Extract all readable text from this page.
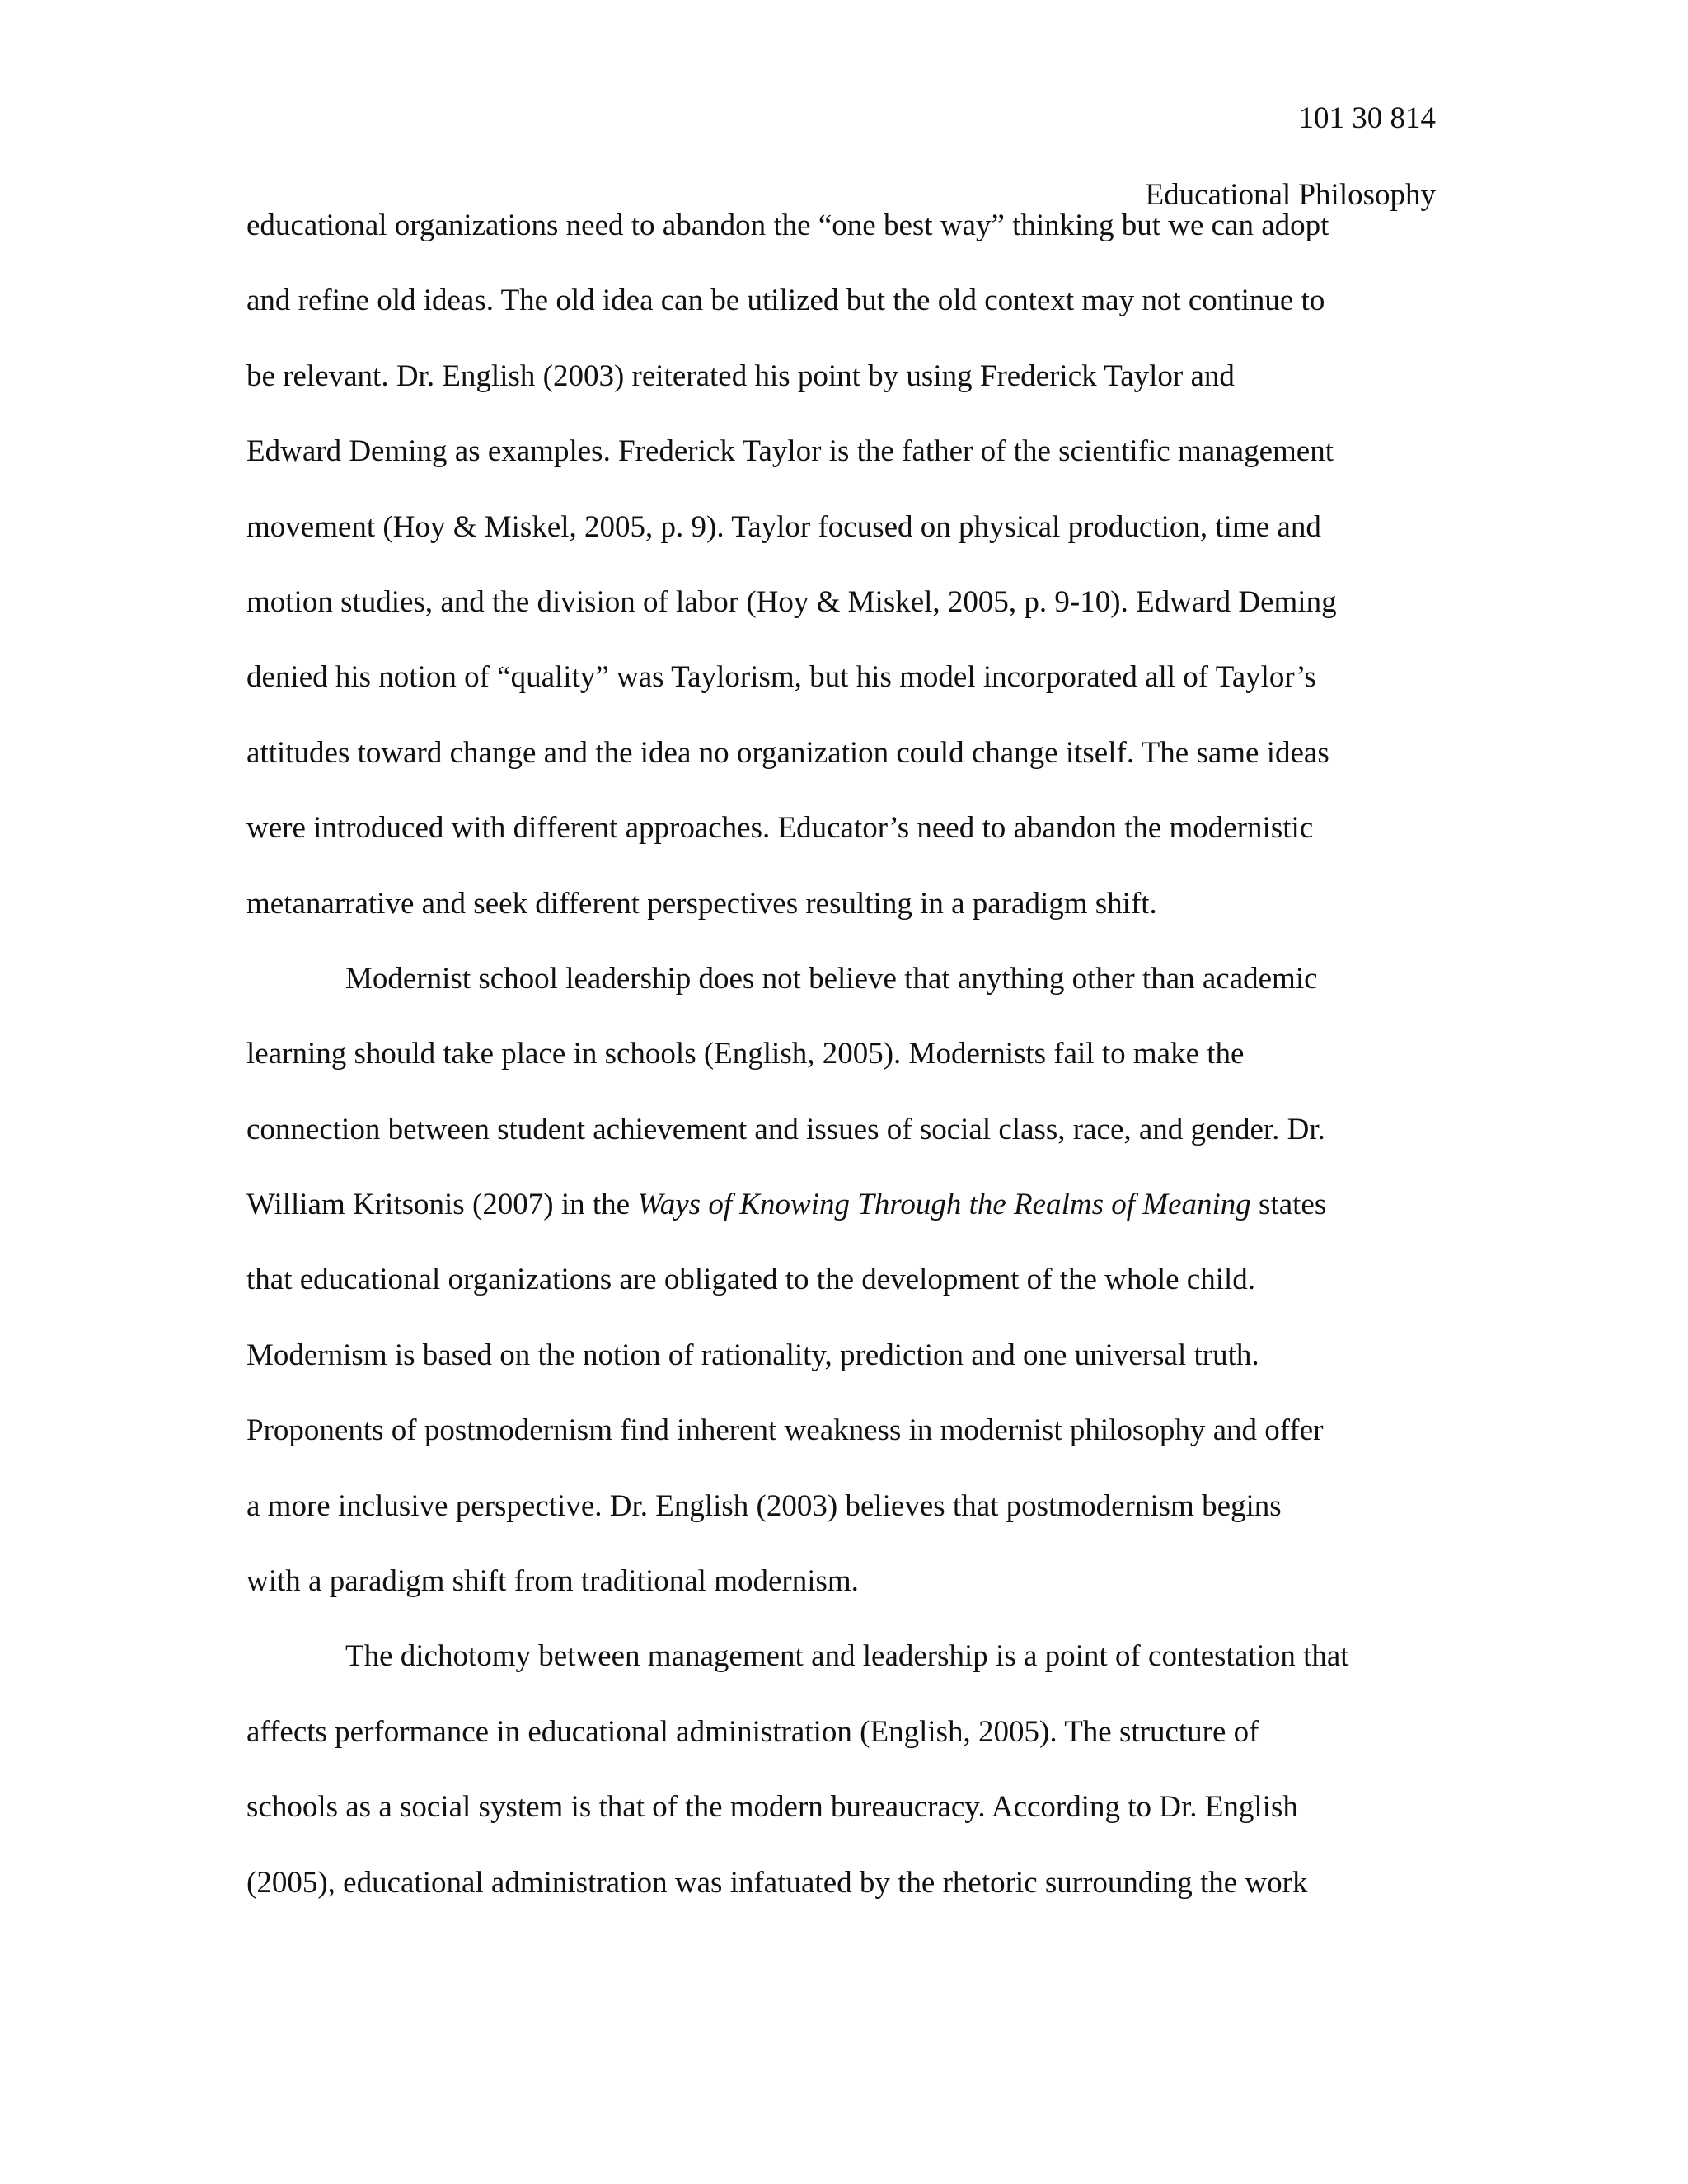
101 30 814
Educational Philosophy
educational organizations need to abandon the “one best way” thinking but we can adopt
and refine old ideas. The old idea can be utilized but the old context may not continue to
be relevant. Dr. English (2003) reiterated his point by using Frederick Taylor and
Edward Deming as examples. Frederick Taylor is the father of the scientific management
movement (Hoy & Miskel, 2005, p. 9). Taylor focused on physical production, time and
motion studies, and the division of labor (Hoy & Miskel, 2005, p. 9-10). Edward Deming
denied his notion of “quality” was Taylorism, but his model incorporated all of Taylor’s
attitudes toward change and the idea no organization could change itself. The same ideas
were introduced with different approaches. Educator’s need to abandon the modernistic
metanarrative and seek different perspectives resulting in a paradigm shift.
Modernist school leadership does not believe that anything other than academic
learning should take place in schools (English, 2005). Modernists fail to make the
connection between student achievement and issues of social class, race, and gender. Dr.
William Kritsonis (2007) in the Ways of Knowing Through the Realms of Meaning states
that educational organizations are obligated to the development of the whole child.
Modernism is based on the notion of rationality, prediction and one universal truth.
Proponents of postmodernism find inherent weakness in modernist philosophy and offer
a more inclusive perspective. Dr. English (2003) believes that postmodernism begins
with a paradigm shift from traditional modernism.
The dichotomy between management and leadership is a point of contestation that
affects performance in educational administration (English, 2005). The structure of
schools as a social system is that of the modern bureaucracy. According to Dr. English
(2005), educational administration was infatuated by the rhetoric surrounding the work
